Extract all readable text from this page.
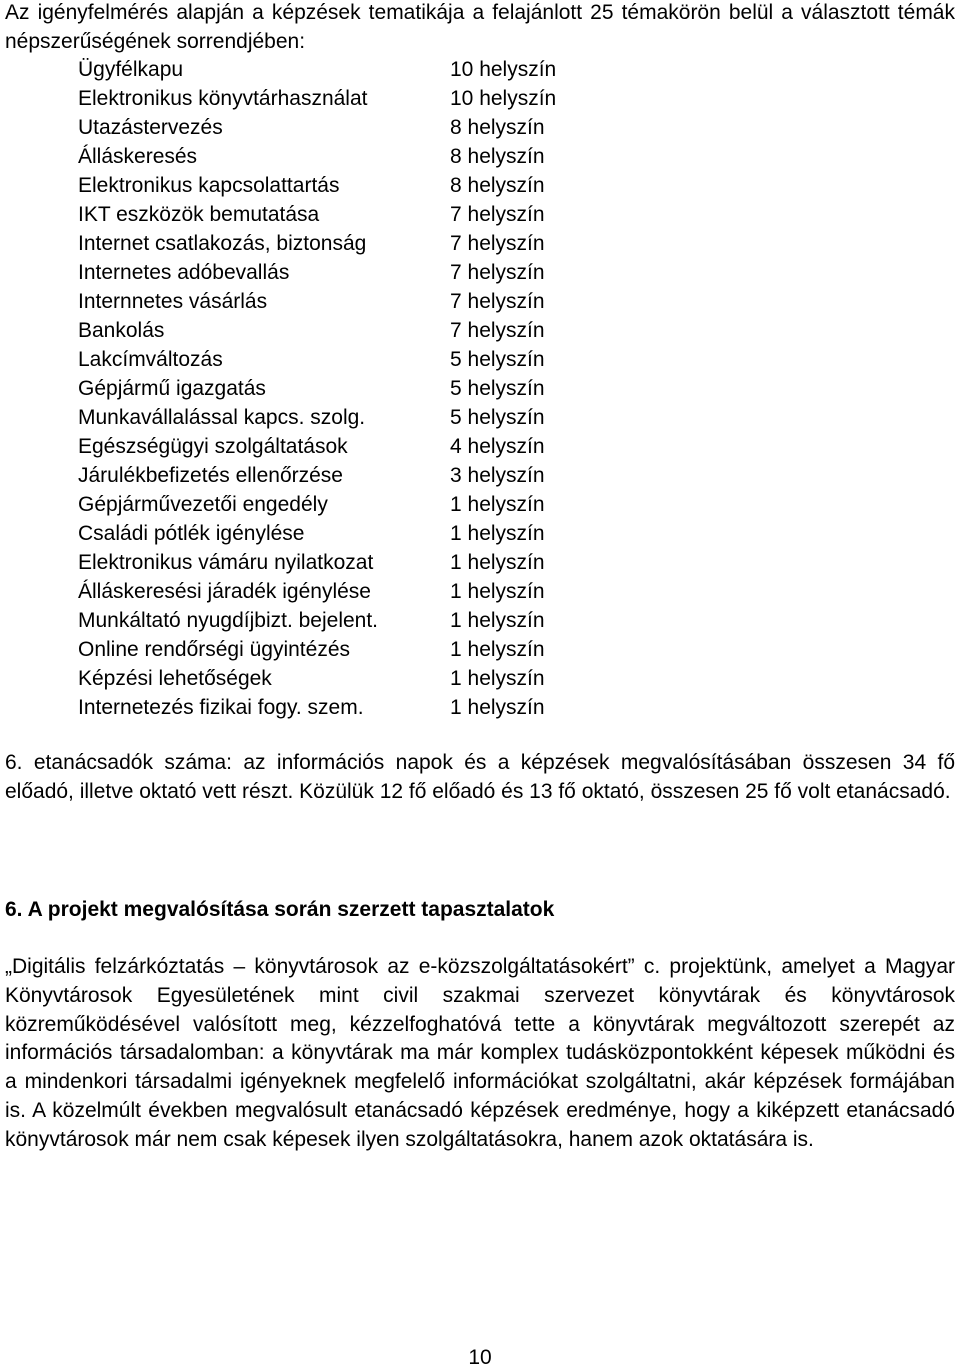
Az igényfelmérés alapján a képzések tematikája a felajánlott 25 témakörön belül a választott témák népszerűségének sorrendjében:

Ügyfélkapu	10 helyszín
Elektronikus könyvtárhasználat	10 helyszín
Utazástervezés	8 helyszín
Álláskeresés	8 helyszín
Elektronikus kapcsolattartás	8 helyszín
IKT eszközök bemutatása	7 helyszín
Internet csatlakozás, biztonság	7 helyszín
Internetes adóbevallás	7 helyszín
Internnetes vásárlás	7 helyszín
Bankolás	7 helyszín
Lakcímváltozás	5 helyszín
Gépjármű igazgatás	5 helyszín
Munkavállalással kapcs. szolg.	5 helyszín
Egészségügyi szolgáltatások	4 helyszín
Járulékbefizetés ellenőrzése	3 helyszín
Gépjárművezetői engedély	1 helyszín
Családi pótlék igénylése	1 helyszín
Elektronikus vámáru nyilatkozat	1 helyszín
Álláskeresési járadék igénylése	1 helyszín
Munkáltató nyugdíjbizt. bejelent.	1 helyszín
Online rendőrségi ügyintézés	1 helyszín
Képzési lehetőségek	1 helyszín
Internetezés fizikai fogy. szem.	1 helyszín

6. etanácsadók száma: az információs napok és a képzések megvalósításában összesen 34 fő előadó, illetve oktató vett részt. Közülük 12 fő előadó és 13 fő oktató, összesen 25 fő volt etanácsadó.

6. A projekt megvalósítása során szerzett tapasztalatok

„Digitális felzárkóztatás – könyvtárosok az e-közszolgáltatásokért” c. projektünk, amelyet a Magyar Könyvtárosok Egyesületének mint civil szakmai szervezet könyvtárak és könyvtárosok közreműködésével valósított meg, kézzelfoghatóvá tette a könyvtárak megváltozott szerepét az információs társadalomban: a könyvtárak ma már komplex tudásközpontokként képesek működni és a mindenkori társadalmi igényeknek megfelelő információkat szolgáltatni, akár képzések formájában is. A közelmúlt években megvalósult etanácsadó képzések eredménye, hogy a kiképzett etanácsadó könyvtárosok már nem csak képesek ilyen szolgáltatásokra, hanem azok oktatására is.

10
